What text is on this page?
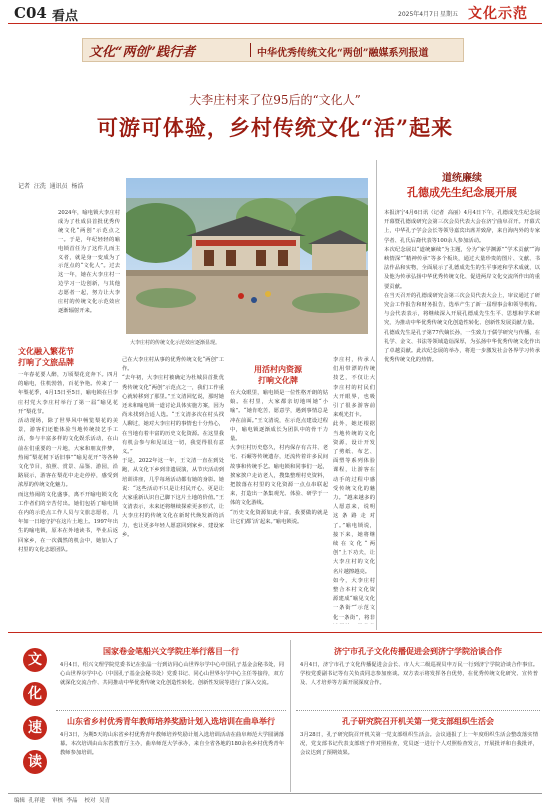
C04 看点	2025年4月7日 星期五 文化示范
文化“两创”践行者	中华优秀传统文化“两创”融媒系列报道
大李庄村来了位95后的“文化人”
可游可体验，乡村传统文化“活”起来
记者  汪洗  通讯员  杨浩
2024年，喻电锁大李庄村成为了杜成县首批优秀传统文化“两创”示范点之一。于是，年纪轻轻的喻电锁首任为了这件儿而主义者，就是身一变成为了示范点的“文化人”。过去这一年，她在大李庄村一边学习一边创新，与其他志愿者一起，努力让大李庄村的传统文化示范效应逐渐辐射开来。
大李庄村的传统文化示范效应逐渐显现。
文化融入繁花节
打响了文旅品牌
一年春花要人醉，万顷梨花竞奔下。四月的喻电，住机勃勃，百花争艳。传来了一年梨花季，4月15日至5日，喻电锁在旦李庄村党大李庄村举行了第一届“喻见花开”梨花节。
活动现场，除了世界风中畅览梨花的美景，游客们还能体验当地传统技艺手工活，参与丰富多样的文化娱乐活动，在山前在们重要的一片地，大家和朋友伴梦，热闹“梨花树下话旧事”“喻见花开”等各种文化节目，拍照、赏景、品鉴、游园，沿路展示，游客在梨花中走走停停，感受到浓厚的传统文化魅力。
而这热闹的文化盛事，离不开喻电锁文化工作者们的辛苦付出。她们包括了喻电锁在内的示范点工作人员与文旅志愿者，几年如一日地守护在这片土地上。1997年出生的喻电锁，原本在外地读书，毕业后返回家乡，在一次偶然的机会中，她加入了村里的文化志愿团队。
己在大李庄村从事的优秀传统文化“两创”工作。
“去年初，大李庄村被确定为杜城县首批优秀传统文化“两创”示范点之一，我们工作重心就转移到了那里。”王文清回忆说，那时她还未和喻电锁一道讨论具体实施方案，因为尚未找到合适人选。“王文清多次在村头找人聊过，她对大李庄村的事情也十分热心，在当地有着丰富的历史文化资源。在这里我有机会参与和见证这一切，我觉得很有意义。”
于是，2022年这一年，王文清一直在到处跑，从文化下乡到非遗展演，从节庆活动到培训讲座，几乎每场活动都有她的身影。她说：“这些活动不只是让村民开心，更是让大家重新认识自己脚下这片土地的价值。”王文清表示，未来还将继续探索更多形式，让大李庄村的传统文化在新时代焕发新的活力，也让更多年轻人愿意回到家乡、建设家乡。
用活村内资源
打响文化牌
在大众眼里，喻电锁是一位性格开朗的姑娘。在村里，大家都亲切地叫她“小喻”。“她肯吃苦，愿意学，遇到事情总是冲在前面。”王文清说，在示范点建设过程中，喻电锁逐渐成长为团队中的骨干力量。
大李庄村历史悠久，村内保存有古井、老宅、石碾等传统遗存，还流传着许多民间故事和传统手艺。喻电锁和同事们一起，挨家挨户走访老人，搜集整理村史资料，把散落在村里的文化资源一点点串联起来，打造出一条集观光、体验、研学于一体的文化游线。
“历史文化资源如此丰富，我要做的就是让它们都‘活’起来。”喻电锁说。
李庄村，传承人们用带漂的传统技艺，不仅让大李庄村的村民们大开眼界，也吸引了很多游客前来观光打卡。
此外，她还根据当地传统的文化资源，设计开发了剪纸、布艺、面塑等系列体验课程，让游客在动手的过程中感受传统文化的魅力。“越来越多的人愿意来，说明这条路走对了。”喻电锁说，接下来，她将继续在文化“两创”上下功夫，让大李庄村的文化名片越擦越亮。
如今，大李庄村整合本村文化资源建成“喻见文化一条街”“示范文化一条街”，将非
道统廉续
孔德成先生纪念展开展
本报济宁4月6日讯（记者  高丽）4月4日下午，孔德成先生纪念展开幕暨孔德成研究会第三次会员代表大会在济宁曲阜召开。开幕式上，中华孔子学会会长等领导嘉宾出席并致辞，来自海内外的专家学者、孔氏后裔代表等100余人参加活动。
本次纪念展以“道统廉续”为主题，分为“家学渊源”“学术贡献”“海峡情深”“精神传承”等多个板块，通过大量珍贵的图片、文献、书法作品和实物，全面展示了孔德成先生的生平事迹和学术成就，以及他为传承弘扬中华优秀传统文化、促进两岸文化交流所作出的重要贡献。
在当天召开的孔德成研究会第三次会员代表大会上，审议通过了研究会工作报告和财务报告，选举产生了新一届理事会和领导机构。与会代表表示，将继续深入开展孔德成先生生平、思想和学术研究，为推动中华优秀传统文化创造性转化、创新性发展贡献力量。
孔德成先生是孔子第77代嫡长孙，一生致力于儒学研究与传播，在礼学、金文、书法等领域造诣深厚，为弘扬中华优秀传统文化作出了卓越贡献。此次纪念展的举办，将进一步激发社会各界学习传承优秀传统文化的热情。
文
化
速
读
国家卷金笔船兴文学院庄举行落目一行
4月4日，绍兴文理学院党委书记在张晶一行到访同心山世界尔学中心中国孔子基金会秘书处，同心山世界尔学中心（中国孔子基金会秘书处）党委书记、同心山世界尔学中心主任等接待，双方就深化交流合作、共同推动中华优秀传统文化创造性转化、创新性发展等进行了深入交流。
济宁市孔子文化传播促进会到济宁学院洽谈合作
4月4日，济宁市孔子文化传播促进会会长、市人大二级巡视员申万民一行到济宁学院洽谈合作事宜。学校党委副书记等有关负责同志参加座谈。双方表示将发挥各自优势，在优秀传统文化研究、宣传普及、人才培养等方面开展深度合作。
山东省乡村优秀青年教师培养奖励计划入选培训在曲阜举行
4月3日，为期5天的山东省乡村优秀青年教师培养奖励计划入选培训活动在曲阜师范大学圆满落幕。本次培训由山东省教育厅主办，曲阜师范大学承办，来自全省各地的180余名乡村优秀青年教师参加培训。
孔子研究院召开机关第一党支部组织生活会
3月28日，孔子研究院召开机关第一党支部组织生活会。会议通报了上一年度组织生活会整改落实情况，党支部书记代表支部班子作对照检查，党员逐一进行个人对照检查发言，开展批评和自我批评，会议达到了预期效果。
编辑  孔祥建    审核  李晶    校对  吴青
